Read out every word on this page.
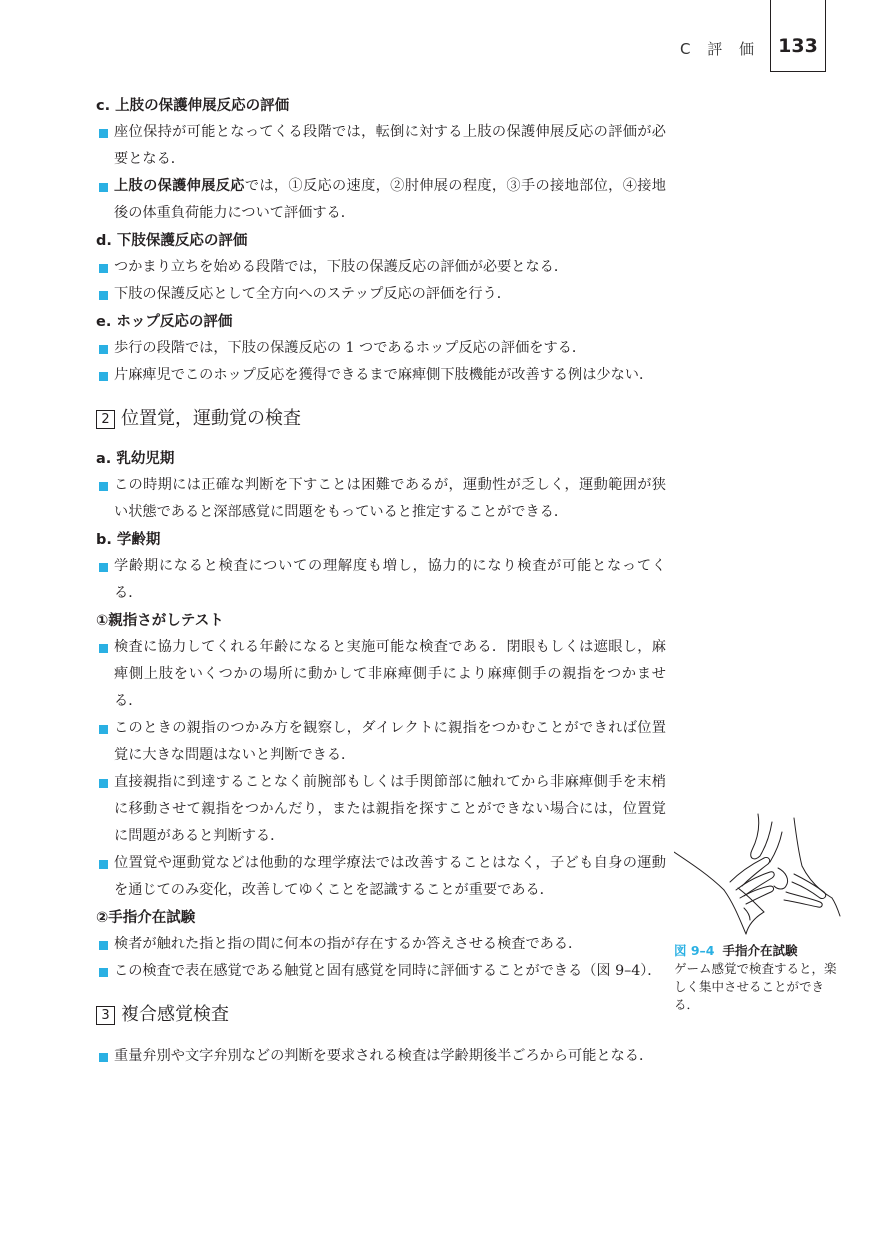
C 評 価 133
c. 上肢の保護伸展反応の評価
座位保持が可能となってくる段階では，転倒に対する上肢の保護伸展反応の評価が必要となる．
上肢の保護伸展反応では，①反応の速度，②肘伸展の程度，③手の接地部位，④接地後の体重負荷能力について評価する．
d. 下肢保護反応の評価
つかまり立ちを始める段階では，下肢の保護反応の評価が必要となる．
下肢の保護反応として全方向へのステップ反応の評価を行う．
e. ホップ反応の評価
歩行の段階では，下肢の保護反応の 1 つであるホップ反応の評価をする．
片麻痺児でこのホップ反応を獲得できるまで麻痺側下肢機能が改善する例は少ない．
2 位置覚，運動覚の検査
a. 乳幼児期
この時期には正確な判断を下すことは困難であるが，運動性が乏しく，運動範囲が狭い状態であると深部感覚に問題をもっていると推定することができる．
b. 学齢期
学齢期になると検査についての理解度も増し，協力的になり検査が可能となってくる．
①親指さがしテスト
検査に協力してくれる年齢になると実施可能な検査である．閉眼もしくは遮眼し，麻痺側上肢をいくつかの場所に動かして非麻痺側手により麻痺側手の親指をつかませる．
このときの親指のつかみ方を観察し，ダイレクトに親指をつかむことができれば位置覚に大きな問題はないと判断できる．
直接親指に到達することなく前腕部もしくは手関節部に触れてから非麻痺側手を末梢に移動させて親指をつかんだり，または親指を探すことができない場合には，位置覚に問題があると判断する．
位置覚や運動覚などは他動的な理学療法では改善することはなく，子ども自身の運動を通じてのみ変化，改善してゆくことを認識することが重要である．
②手指介在試験
検者が触れた指と指の間に何本の指が存在するか答えさせる検査である．
この検査で表在感覚である触覚と固有感覚を同時に評価することができる（図 9–4）．
3 複合感覚検査
重量弁別や文字弁別などの判断を要求される検査は学齢期後半ごろから可能となる．
図 9–4 手指介在試験
ゲーム感覚で検査すると，楽しく集中させることができる．
